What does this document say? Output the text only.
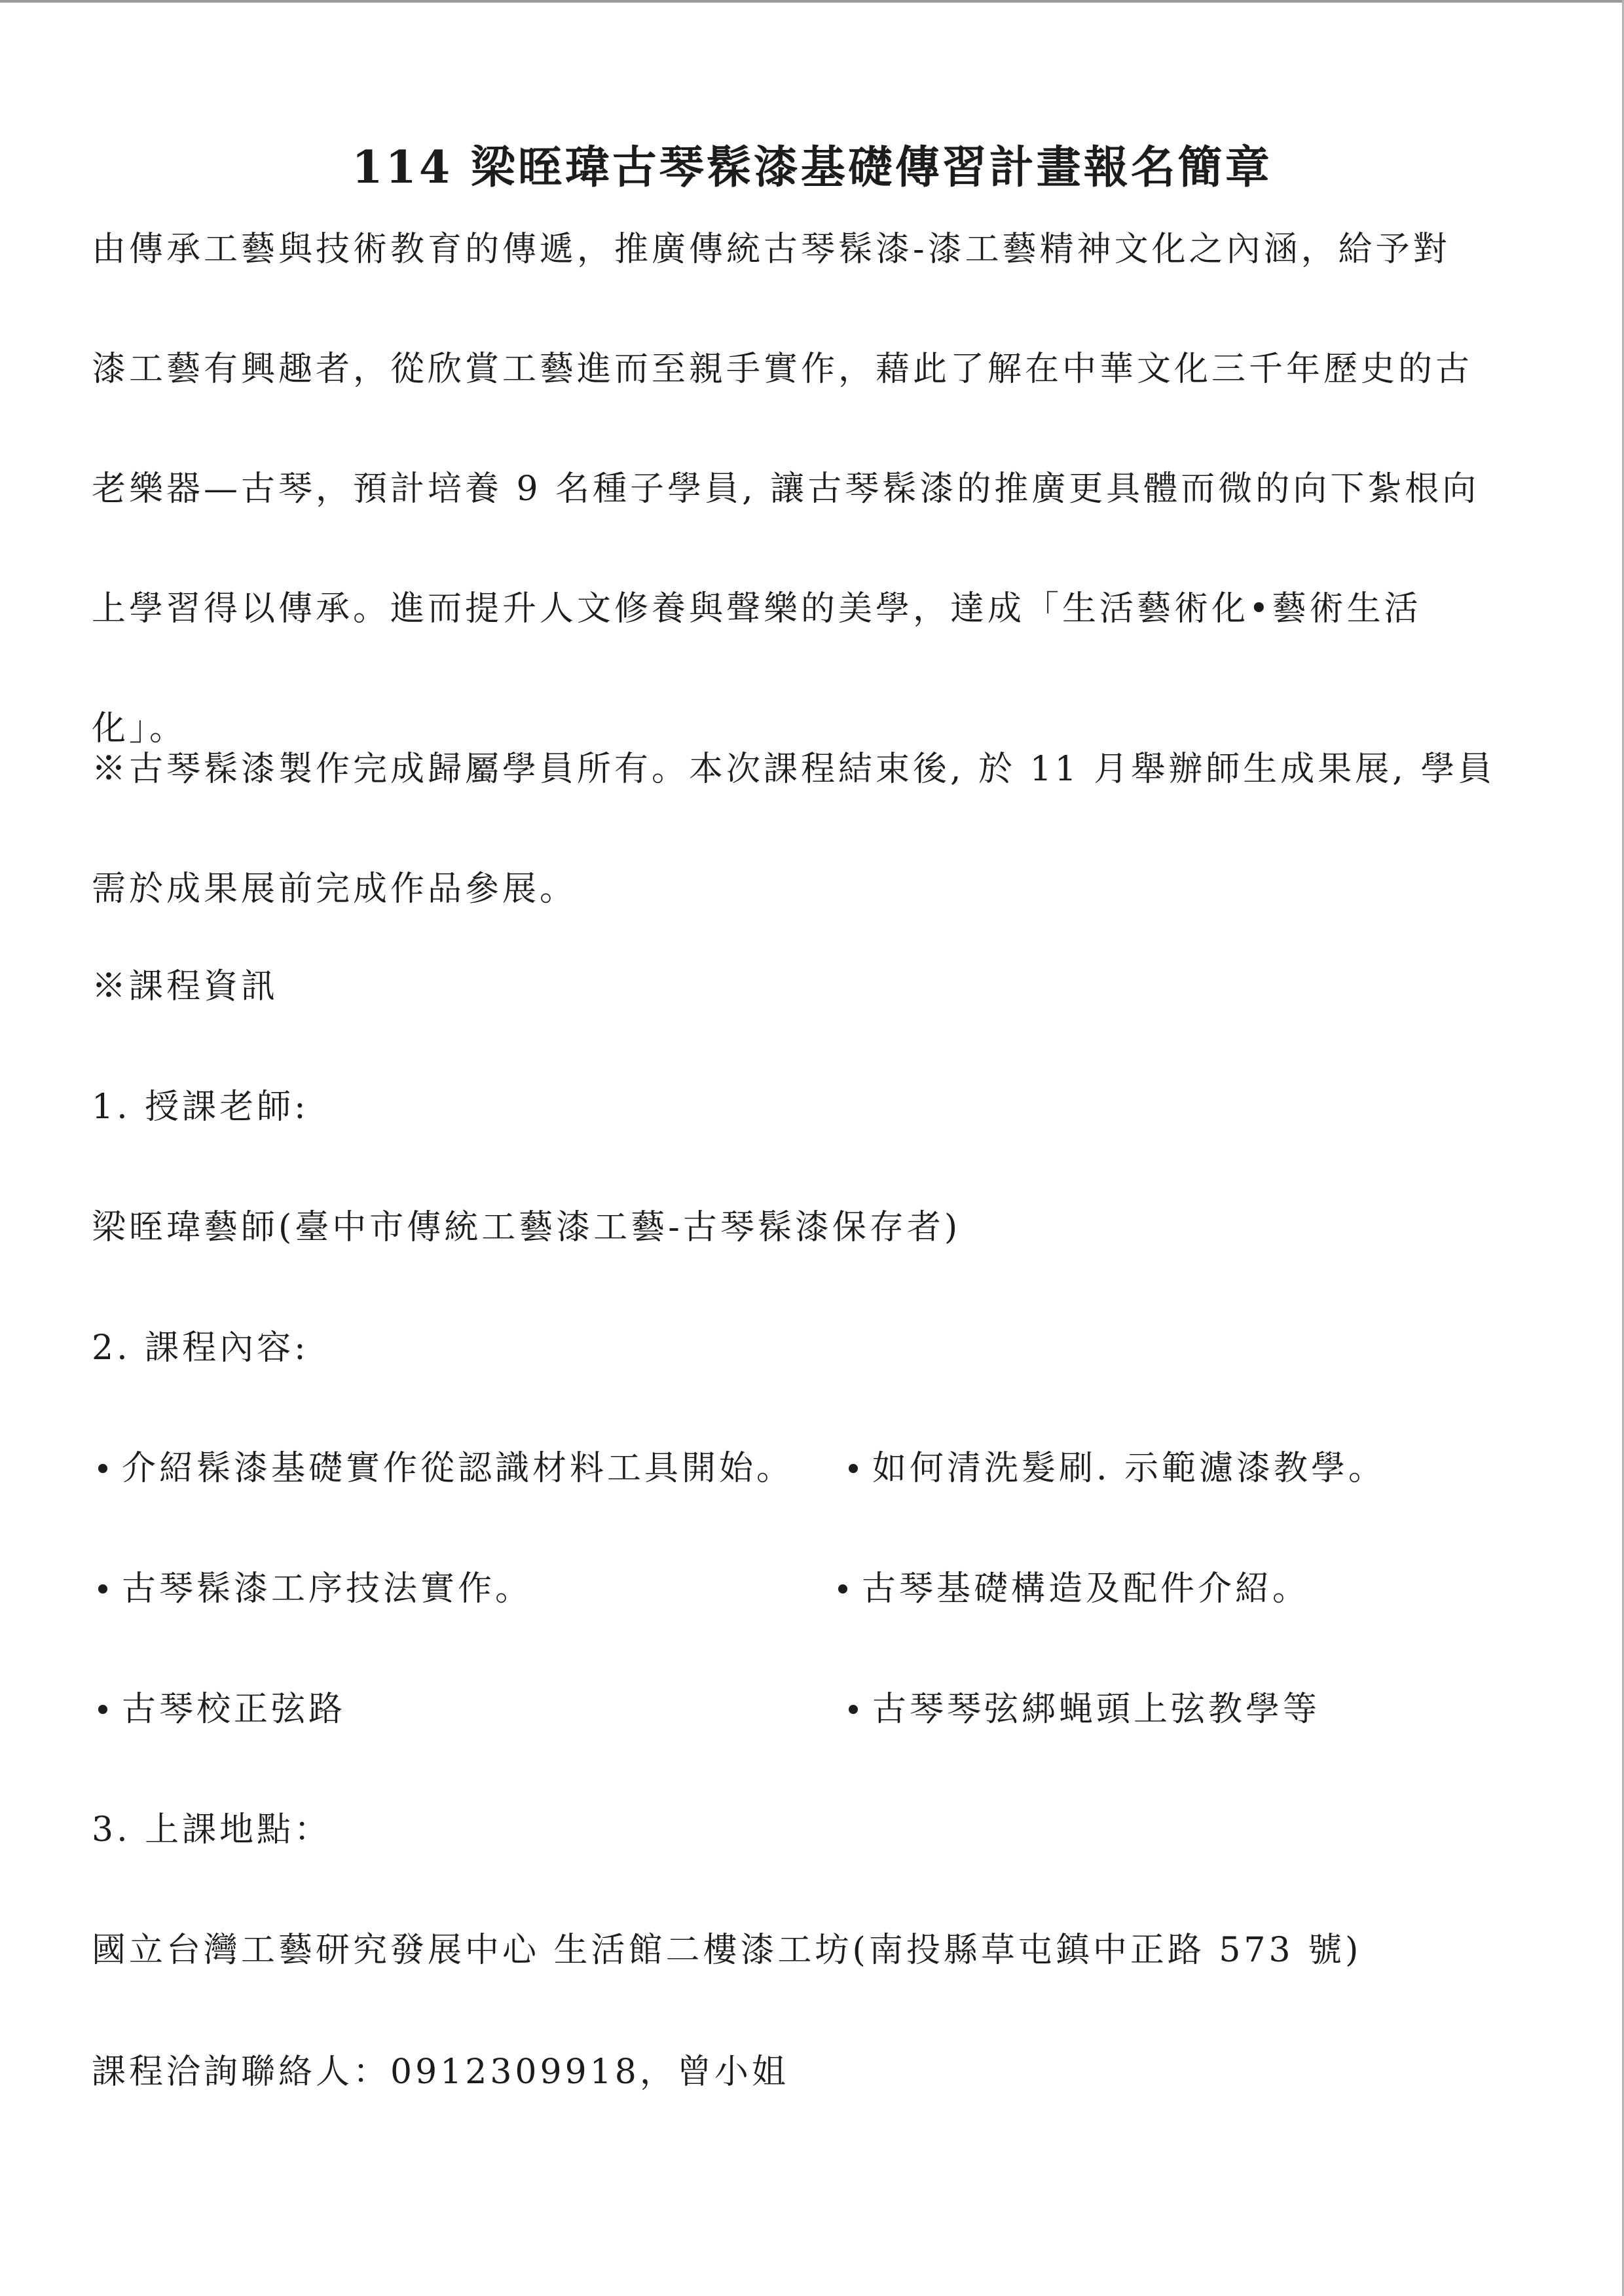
114 梁晊瑋古琴髹漆基礎傳習計畫報名簡章

由傳承工藝與技術教育的傳遞，推廣傳統古琴髹漆-漆工藝精神文化之內涵，給予對
漆工藝有興趣者，從欣賞工藝進而至親手實作，藉此了解在中華文化三千年歷史的古
老樂器—古琴，預計培養 9 名種子學員, 讓古琴髹漆的推廣更具體而微的向下紮根向
上學習得以傳承。進而提升人文修養與聲樂的美學，達成「生活藝術化•藝術生活
化」。

※古琴髹漆製作完成歸屬學員所有。本次課程結束後, 於 11 月舉辦師生成果展, 學員
需於成果展前完成作品參展。

※課程資訊
1. 授課老師:
梁晊瑋藝師(臺中市傳統工藝漆工藝-古琴髹漆保存者)
2. 課程內容:
介紹髹漆基礎實作從認識材料工具開始。	如何清洗髮刷. 示範濾漆教學。
古琴髹漆工序技法實作。	古琴基礎構造及配件介紹。
古琴校正弦路	古琴琴弦綁蝇頭上弦教學等
3. 上課地點：
國立台灣工藝研究發展中心 生活館二樓漆工坊(南投縣草屯鎮中正路 573 號)
課程洽詢聯絡人：0912309918，曾小姐
